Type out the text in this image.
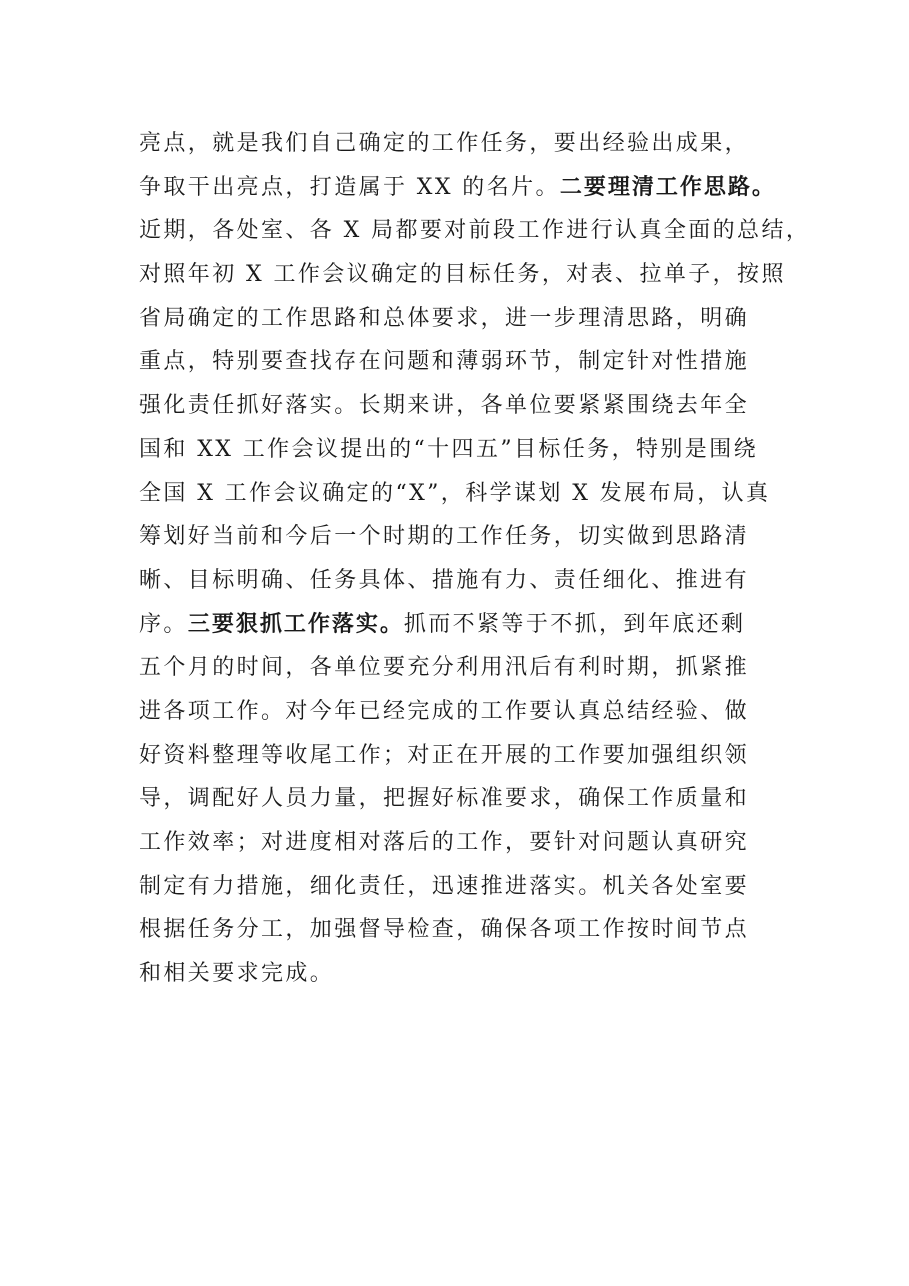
亮点，就是我们自己确定的工作任务，要出经验出成果，
争取干出亮点，打造属于 XX 的名片。二要理清工作思路。
近期，各处室、各 X 局都要对前段工作进行认真全面的总结，
对照年初 X 工作会议确定的目标任务，对表、拉单子，按照
省局确定的工作思路和总体要求，进一步理清思路，明确
重点，特别要查找存在问题和薄弱环节，制定针对性措施
强化责任抓好落实。长期来讲，各单位要紧紧围绕去年全
国和 XX 工作会议提出的“十四五”目标任务，特别是围绕
全国 X 工作会议确定的“X”，科学谋划 X 发展布局，认真
筹划好当前和今后一个时期的工作任务，切实做到思路清
晰、目标明确、任务具体、措施有力、责任细化、推进有
序。三要狠抓工作落实。抓而不紧等于不抓，到年底还剩
五个月的时间，各单位要充分利用汛后有利时期，抓紧推
进各项工作。对今年已经完成的工作要认真总结经验、做
好资料整理等收尾工作；对正在开展的工作要加强组织领
导，调配好人员力量，把握好标准要求，确保工作质量和
工作效率；对进度相对落后的工作，要针对问题认真研究
制定有力措施，细化责任，迅速推进落实。机关各处室要
根据任务分工，加强督导检查，确保各项工作按时间节点
和相关要求完成。
